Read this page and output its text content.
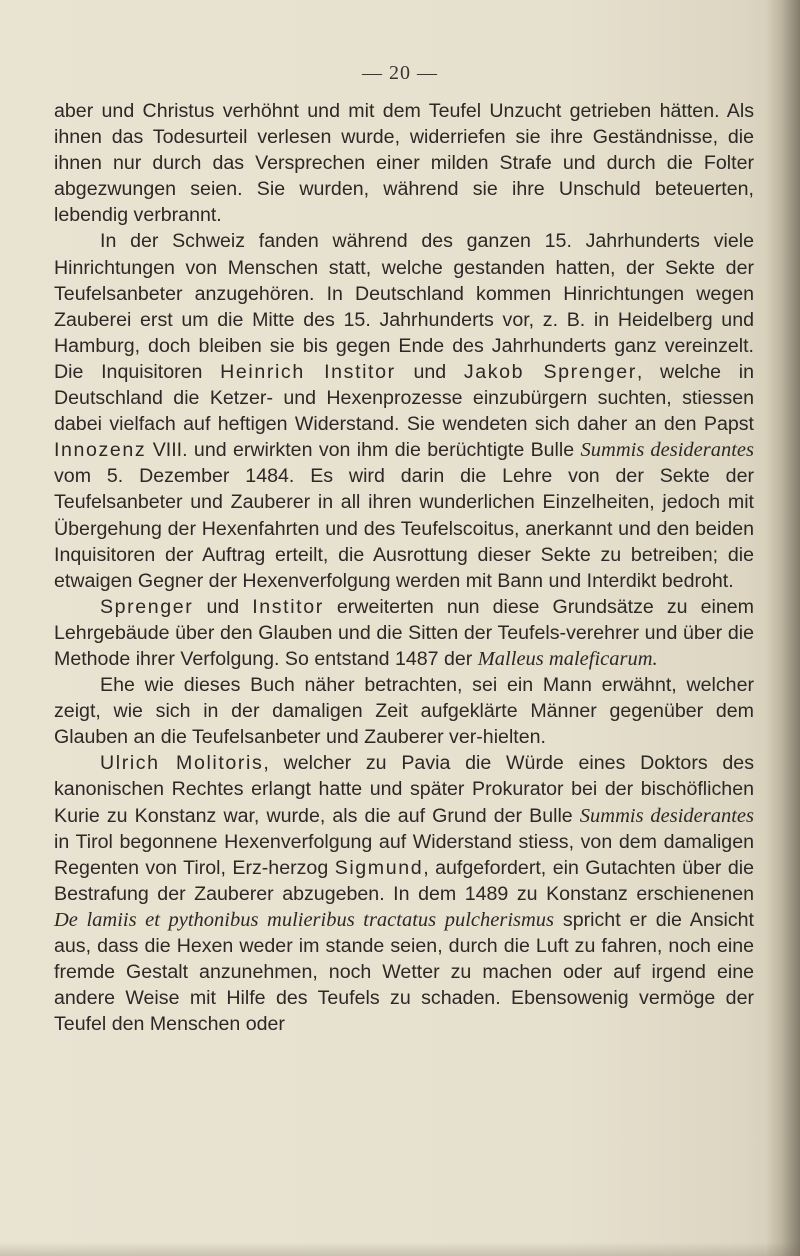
— 20 —

aber und Christus verhöhnt und mit dem Teufel Unzucht getrieben hätten. Als ihnen das Todesurteil verlesen wurde, widerriefen sie ihre Geständnisse, die ihnen nur durch das Versprechen einer milden Strafe und durch die Folter abgezwungen seien. Sie wurden, während sie ihre Unschuld beteuerten, lebendig verbrannt.

In der Schweiz fanden während des ganzen 15. Jahrhunderts viele Hinrichtungen von Menschen statt, welche gestanden hatten, der Sekte der Teufelsanbeter anzugehören. In Deutschland kommen Hinrichtungen wegen Zauberei erst um die Mitte des 15. Jahrhunderts vor, z. B. in Heidelberg und Hamburg, doch bleiben sie bis gegen Ende des Jahrhunderts ganz vereinzelt. Die Inquisitoren Heinrich Institor und Jakob Sprenger, welche in Deutschland die Ketzer- und Hexenprozesse einzubürgern suchten, stiessen dabei vielfach auf heftigen Widerstand. Sie wendeten sich daher an den Papst Innozenz VIII. und erwirkten von ihm die berüchtigte Bulle Summis desiderantes vom 5. Dezember 1484. Es wird darin die Lehre von der Sekte der Teufelsanbeter und Zauberer in all ihren wunderlichen Einzelheiten, jedoch mit Übergehung der Hexenfahrten und des Teufelscoitus, anerkannt und den beiden Inquisitoren der Auftrag erteilt, die Ausrottung dieser Sekte zu betreiben; die etwaigen Gegner der Hexenverfolgung werden mit Bann und Interdikt bedroht.

Sprenger und Institor erweiterten nun diese Grundsätze zu einem Lehrgebäude über den Glauben und die Sitten der Teufels-verehrer und über die Methode ihrer Verfolgung. So entstand 1487 der Malleus maleficarum.

Ehe wie dieses Buch näher betrachten, sei ein Mann erwähnt, welcher zeigt, wie sich in der damaligen Zeit aufgeklärte Männer gegenüber dem Glauben an die Teufelsanbeter und Zauberer ver-hielten.

Ulrich Molitoris, welcher zu Pavia die Würde eines Doktors des kanonischen Rechtes erlangt hatte und später Prokurator bei der bischöflichen Kurie zu Konstanz war, wurde, als die auf Grund der Bulle Summis desiderantes in Tirol begonnene Hexenverfolgung auf Widerstand stiess, von dem damaligen Regenten von Tirol, Erz-herzog Sigmund, aufgefordert, ein Gutachten über die Bestrafung der Zauberer abzugeben. In dem 1489 zu Konstanz erschienenen De lamiis et pythonibus mulieribus tractatus pulcherismus spricht er die Ansicht aus, dass die Hexen weder im stande seien, durch die Luft zu fahren, noch eine fremde Gestalt anzunehmen, noch Wetter zu machen oder auf irgend eine andere Weise mit Hilfe des Teufels zu schaden. Ebensowenig vermöge der Teufel den Menschen oder
